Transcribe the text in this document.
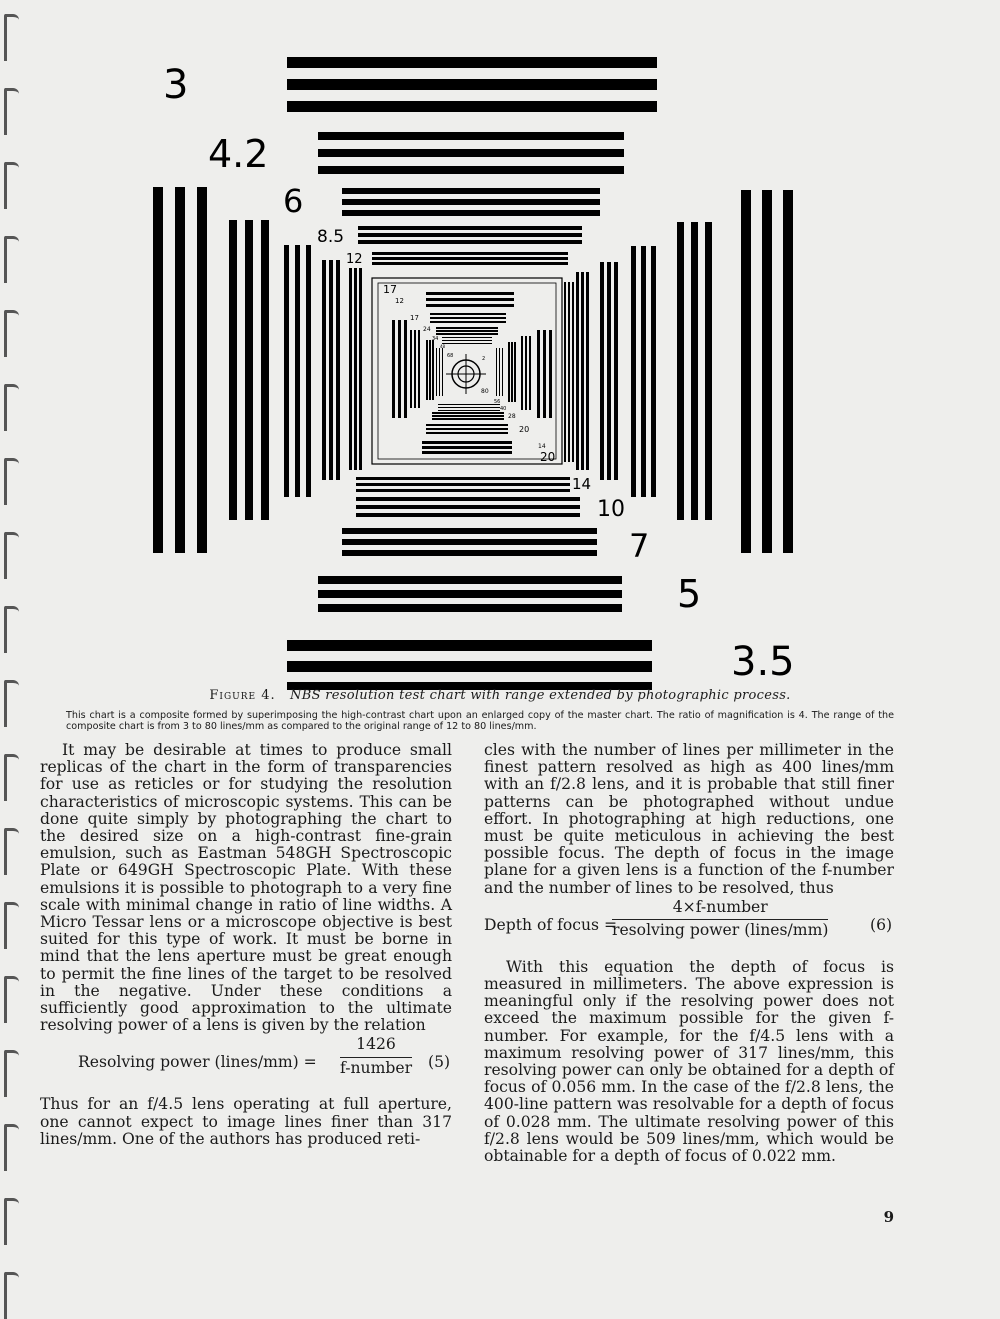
3
4.2
6
8.5
12
14
10
7
5
3.5
17
12
17
24
34
48
68	2
80
56
40
28
20
14
20
Figure 4. NBS resolution test chart with range extended by photographic process.
This chart is a composite formed by superimposing the high-contrast chart upon an enlarged copy of the master chart. The ratio of magnification is 4. The range of the composite chart is from 3 to 80 lines/mm as compared to the original range of 12 to 80 lines/mm.

It may be desirable at times to produce small replicas of the chart in the form of transparencies for use as reticles or for studying the resolution characteristics of microscopic systems. This can be done quite simply by photographing the chart to the desired size on a high-contrast fine-grain emulsion, such as Eastman 548GH Spectroscopic Plate or 649GH Spectroscopic Plate. With these emulsions it is possible to photograph to a very fine scale with minimal change in ratio of line widths. A Micro Tessar lens or a microscope objective is best suited for this type of work. It must be borne in mind that the lens aperture must be great enough to permit the fine lines of the target to be resolved in the negative. Under these conditions a sufficiently good approximation to the ultimate resolving power of a lens is given by the relation

Resolving power (lines/mm) =
1426
f-number (5)

Thus for an f/4.5 lens operating at full aperture, one cannot expect to image lines finer than 317 lines/mm. One of the authors has produced reti-

cles with the number of lines per millimeter in the finest pattern resolved as high as 400 lines/mm with an f/2.8 lens, and it is probable that still finer patterns can be photographed without undue effort. In photographing at high reductions, one must be quite meticulous in achieving the best possible focus. The depth of focus in the image plane for a given lens is a function of the f-number and the number of lines to be resolved, thus

Depth of focus =
4×f-number
resolving power (lines/mm)	(6)

With this equation the depth of focus is measured in millimeters. The above expression is meaningful only if the resolving power does not exceed the maximum possible for the given f-number. For example, for the f/4.5 lens with a maximum resolving power of 317 lines/mm, this resolving power can only be obtained for a depth of focus of 0.056 mm. In the case of the f/2.8 lens, the 400-line pattern was resolvable for a depth of focus of 0.028 mm. The ultimate resolving power of this f/2.8 lens would be 509 lines/mm, which would be obtainable for a depth of focus of 0.022 mm.

9
